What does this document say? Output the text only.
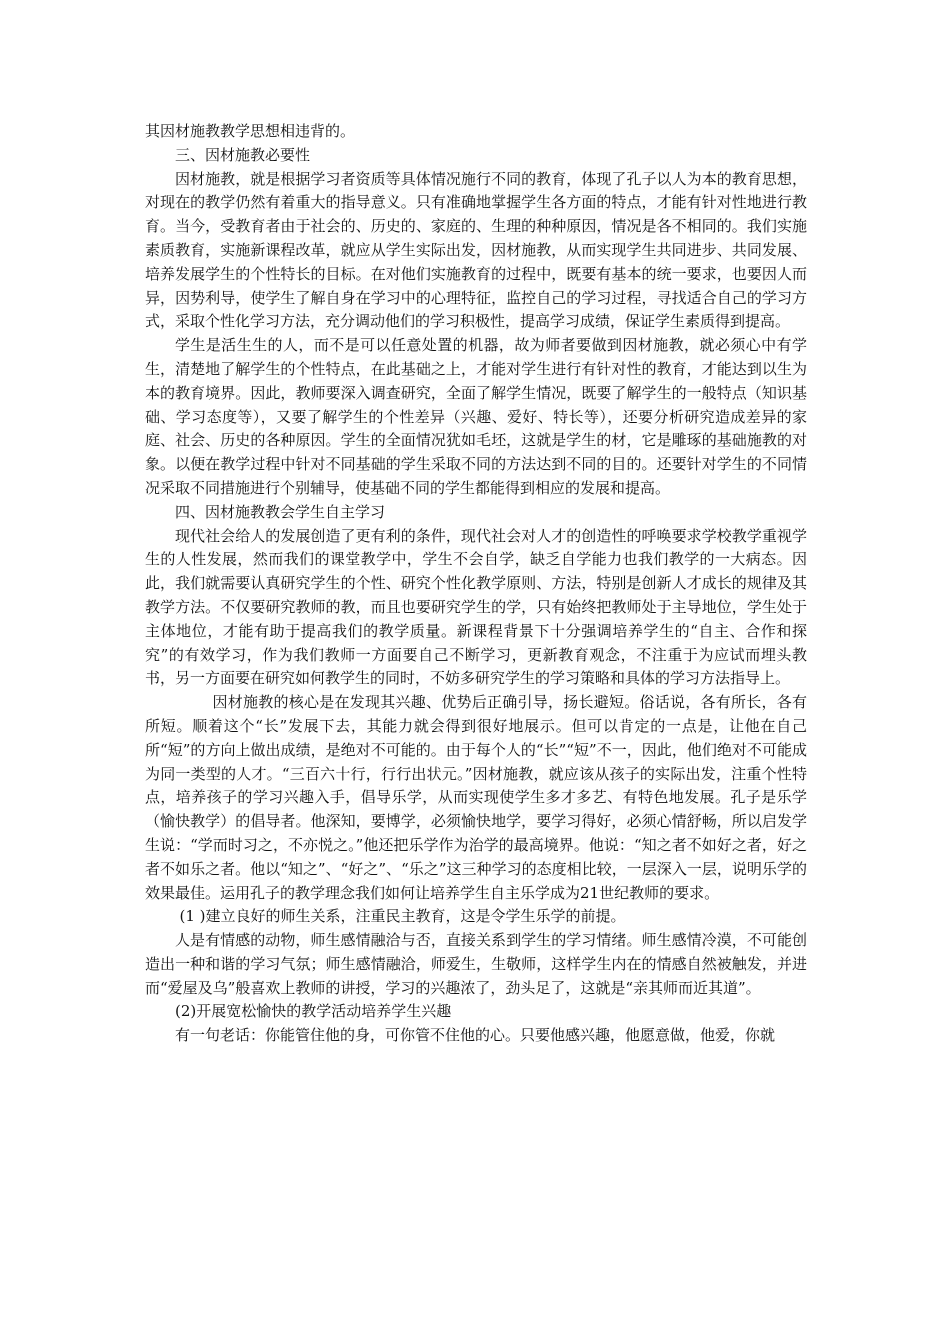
其因材施教教学思想相违背的。

三、因材施教必要性

因材施教，就是根据学习者资质等具体情况施行不同的教育，体现了孔子以人为本的教育思想，对现在的教学仍然有着重大的指导意义。只有准确地掌握学生各方面的特点，才能有针对性地进行教育。当今，受教育者由于社会的、历史的、家庭的、生理的种种原因，情况是各不相同的。我们实施素质教育，实施新课程改革，就应从学生实际出发，因材施教，从而实现学生共同进步、共同发展、培养发展学生的个性特长的目标。在对他们实施教育的过程中，既要有基本的统一要求，也要因人而异，因势利导，使学生了解自身在学习中的心理特征，监控自己的学习过程，寻找适合自己的学习方式，采取个性化学习方法，充分调动他们的学习积极性，提高学习成绩，保证学生素质得到提高。

学生是活生生的人，而不是可以任意处置的机器，故为师者要做到因材施教，就必须心中有学生，清楚地了解学生的个性特点，在此基础之上，才能对学生进行有针对性的教育，才能达到以生为本的教育境界。因此，教师要深入调查研究，全面了解学生情况，既要了解学生的一般特点（知识基础、学习态度等），又要了解学生的个性差异（兴趣、爱好、特长等），还要分析研究造成差异的家庭、社会、历史的各种原因。学生的全面情况犹如毛坯，这就是学生的材，它是雕琢的基础施教的对象。以便在教学过程中针对不同基础的学生采取不同的方法达到不同的目的。还要针对学生的不同情况采取不同措施进行个别辅导，使基础不同的学生都能得到相应的发展和提高。

四、因材施教教会学生自主学习

现代社会给人的发展创造了更有利的条件，现代社会对人才的创造性的呼唤要求学校教学重视学生的人性发展，然而我们的课堂教学中，学生不会自学，缺乏自学能力也我们教学的一大病态。因此，我们就需要认真研究学生的个性、研究个性化教学原则、方法，特别是创新人才成长的规律及其教学方法。不仅要研究教师的教，而且也要研究学生的学，只有始终把教师处于主导地位，学生处于主体地位，才能有助于提高我们的教学质量。新课程背景下十分强调培养学生的“自主、合作和探究”的有效学习，作为我们教师一方面要自己不断学习，更新教育观念，不注重于为应试而埋头教书，另一方面要在研究如何教学生的同时，不妨多研究学生的学习策略和具体的学习方法指导上。

因材施教的核心是在发现其兴趣、优势后正确引导，扬长避短。俗话说，各有所长，各有所短。顺着这个“长”发展下去，其能力就会得到很好地展示。但可以肯定的一点是，让他在自己所“短”的方向上做出成绩，是绝对不可能的。由于每个人的“长”“短”不一，因此，他们绝对不可能成为同一类型的人才。“三百六十行，行行出状元。”因材施教，就应该从孩子的实际出发，注重个性特点，培养孩子的学习兴趣入手，倡导乐学，从而实现使学生多才多艺、有特色地发展。孔子是乐学（愉快教学）的倡导者。他深知，要博学，必须愉快地学，要学习得好，必须心情舒畅，所以启发学生说：“学而时习之，不亦悦之。”他还把乐学作为治学的最高境界。他说：“知之者不如好之者，好之者不如乐之者。他以“知之”、“好之”、“乐之”这三种学习的态度相比较，一层深入一层，说明乐学的效果最佳。运用孔子的教学理念我们如何让培养学生自主乐学成为21世纪教师的要求。

(1 )建立良好的师生关系，注重民主教育，这是令学生乐学的前提。

人是有情感的动物，师生感情融洽与否，直接关系到学生的学习情绪。师生感情冷漠，不可能创造出一种和谐的学习气氛；师生感情融洽，师爱生，生敬师，这样学生内在的情感自然被触发，并进而“爱屋及乌”般喜欢上教师的讲授，学习的兴趣浓了，劲头足了，这就是“亲其师而近其道”。

(2)开展宽松愉快的教学活动培养学生兴趣

有一句老话：你能管住他的身，可你管不住他的心。只要他感兴趣，他愿意做，他爱，你就
